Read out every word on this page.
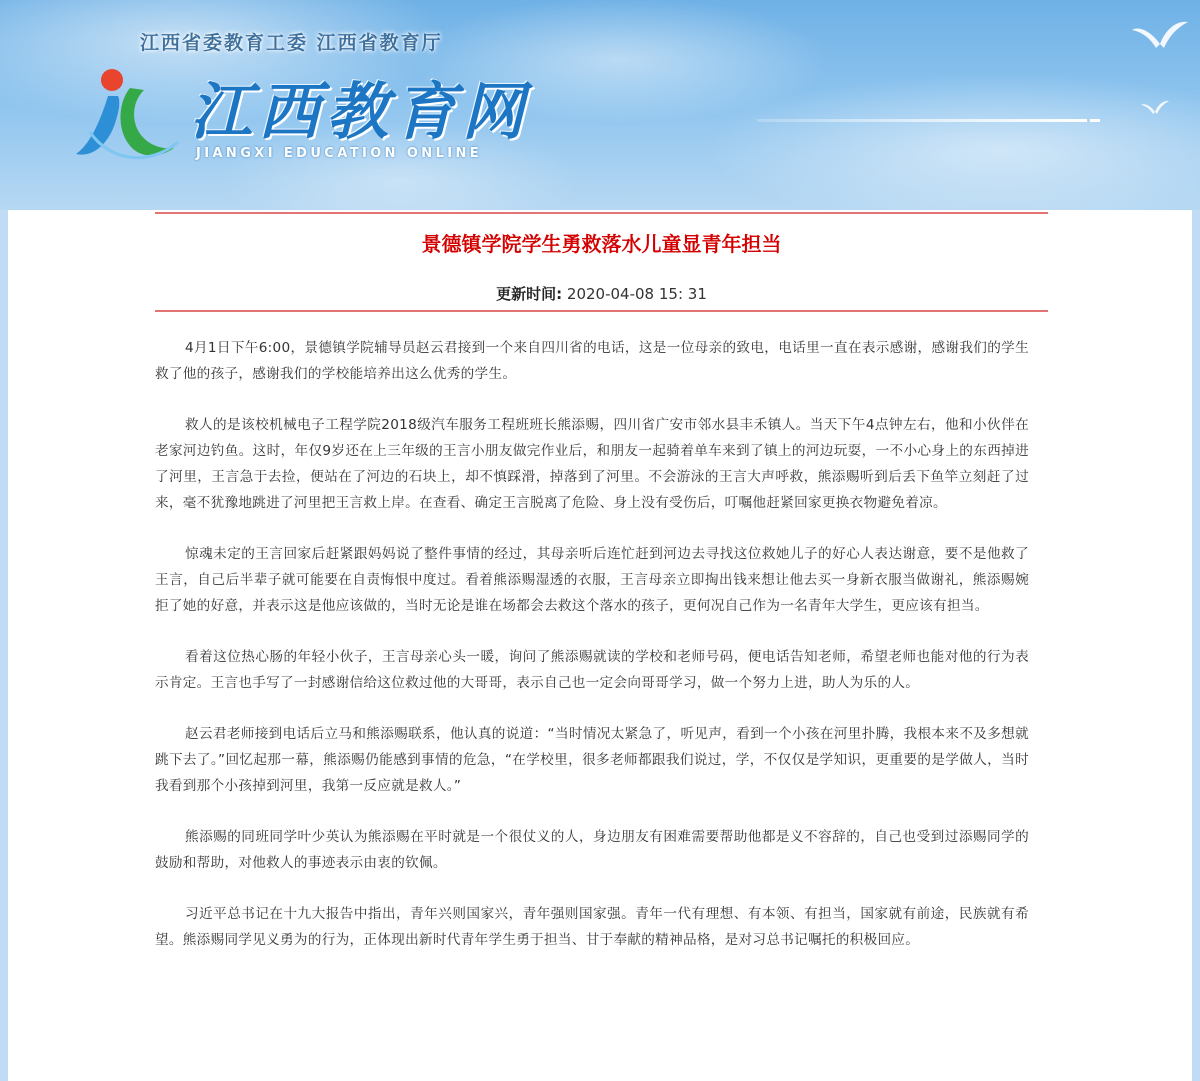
江西省委教育工委 江西省教育厅
江西教育网
JIANGXI EDUCATION ONLINE
景德镇学院学生勇救落水儿童显青年担当
更新时间: 2020-04-08 15: 31

4月1日下午6:00，景德镇学院辅导员赵云君接到一个来自四川省的电话，这是一位母亲的致电，电话里一直在表示感谢，感谢我们的学生救了他的孩子，感谢我们的学校能培养出这么优秀的学生。

救人的是该校机械电子工程学院2018级汽车服务工程班班长熊添赐，四川省广安市邻水县丰禾镇人。当天下午4点钟左右，他和小伙伴在老家河边钓鱼。这时，年仅9岁还在上三年级的王言小朋友做完作业后，和朋友一起骑着单车来到了镇上的河边玩耍，一不小心身上的东西掉进了河里，王言急于去捡，便站在了河边的石块上，却不慎踩滑，掉落到了河里。不会游泳的王言大声呼救，熊添赐听到后丢下鱼竿立刻赶了过来，毫不犹豫地跳进了河里把王言救上岸。在查看、确定王言脱离了危险、身上没有受伤后，叮嘱他赶紧回家更换衣物避免着凉。

惊魂未定的王言回家后赶紧跟妈妈说了整件事情的经过，其母亲听后连忙赶到河边去寻找这位救她儿子的好心人表达谢意，要不是他救了王言，自己后半辈子就可能要在自责悔恨中度过。看着熊添赐湿透的衣服，王言母亲立即掏出钱来想让他去买一身新衣服当做谢礼，熊添赐婉拒了她的好意，并表示这是他应该做的，当时无论是谁在场都会去救这个落水的孩子，更何况自己作为一名青年大学生，更应该有担当。

看着这位热心肠的年轻小伙子，王言母亲心头一暖，询问了熊添赐就读的学校和老师号码，便电话告知老师，希望老师也能对他的行为表示肯定。王言也手写了一封感谢信给这位救过他的大哥哥，表示自己也一定会向哥哥学习，做一个努力上进，助人为乐的人。

赵云君老师接到电话后立马和熊添赐联系，他认真的说道：“当时情况太紧急了，听见声，看到一个小孩在河里扑腾，我根本来不及多想就跳下去了。”回忆起那一幕，熊添赐仍能感到事情的危急，“在学校里，很多老师都跟我们说过，学，不仅仅是学知识，更重要的是学做人，当时我看到那个小孩掉到河里，我第一反应就是救人。”

熊添赐的同班同学叶少英认为熊添赐在平时就是一个很仗义的人，身边朋友有困难需要帮助他都是义不容辞的，自己也受到过添赐同学的鼓励和帮助，对他救人的事迹表示由衷的钦佩。

习近平总书记在十九大报告中指出，青年兴则国家兴，青年强则国家强。青年一代有理想、有本领、有担当，国家就有前途，民族就有希望。熊添赐同学见义勇为的行为，正体现出新时代青年学生勇于担当、甘于奉献的精神品格，是对习总书记嘱托的积极回应。
